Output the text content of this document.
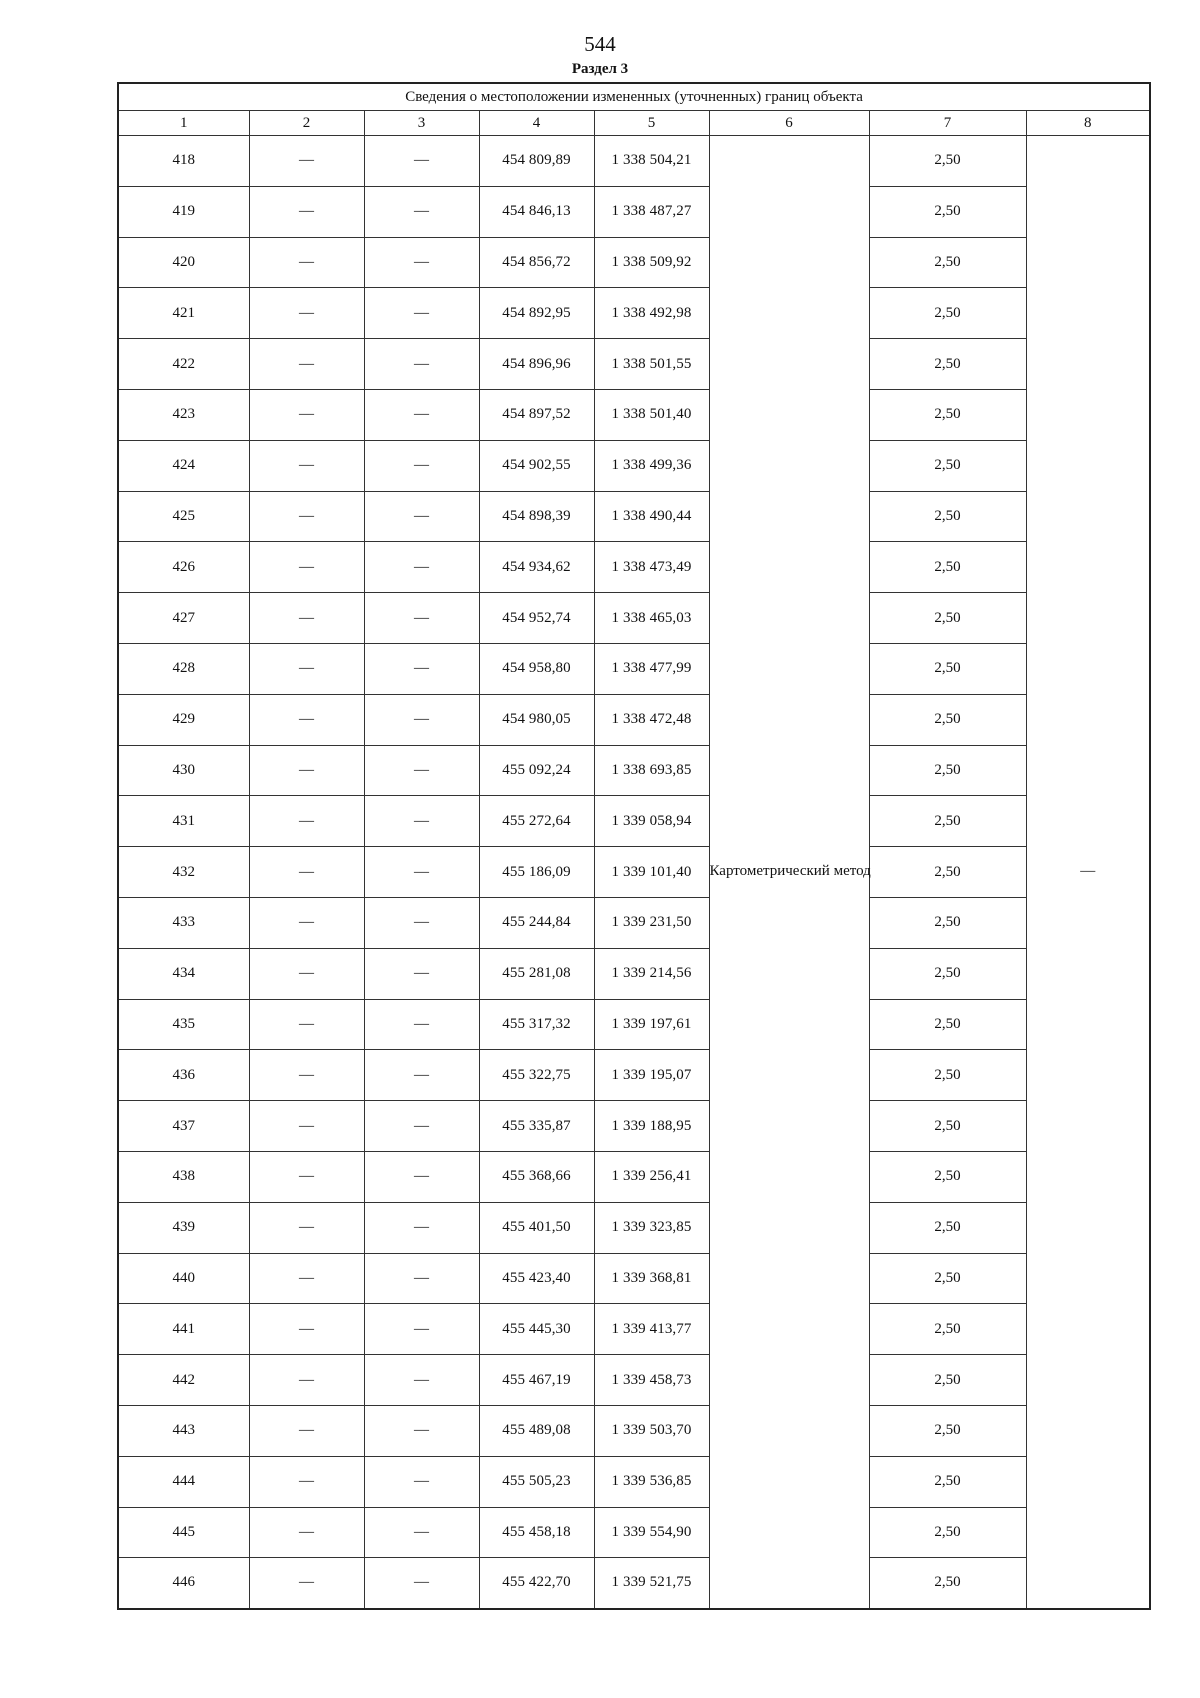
544
Раздел 3
Сведения о местоположении измененных (уточненных) границ объекта							
1	2	3	4	5	6	7	8
418	—	—	454 809,89	1 338 504,21	Картометрический метод	2,50	—
419	—	—	454 846,13	1 338 487,27		2,50	
420	—	—	454 856,72	1 338 509,92		2,50	
421	—	—	454 892,95	1 338 492,98		2,50	
422	—	—	454 896,96	1 338 501,55		2,50	
423	—	—	454 897,52	1 338 501,40		2,50	
424	—	—	454 902,55	1 338 499,36		2,50	
425	—	—	454 898,39	1 338 490,44		2,50	
426	—	—	454 934,62	1 338 473,49		2,50	
427	—	—	454 952,74	1 338 465,03		2,50	
428	—	—	454 958,80	1 338 477,99		2,50	
429	—	—	454 980,05	1 338 472,48		2,50	
430	—	—	455 092,24	1 338 693,85		2,50	
431	—	—	455 272,64	1 339 058,94		2,50	
432	—	—	455 186,09	1 339 101,40		2,50	
433	—	—	455 244,84	1 339 231,50		2,50	
434	—	—	455 281,08	1 339 214,56		2,50	
435	—	—	455 317,32	1 339 197,61		2,50	
436	—	—	455 322,75	1 339 195,07		2,50	
437	—	—	455 335,87	1 339 188,95		2,50	
438	—	—	455 368,66	1 339 256,41		2,50	
439	—	—	455 401,50	1 339 323,85		2,50	
440	—	—	455 423,40	1 339 368,81		2,50	
441	—	—	455 445,30	1 339 413,77		2,50	
442	—	—	455 467,19	1 339 458,73		2,50	
443	—	—	455 489,08	1 339 503,70		2,50	
444	—	—	455 505,23	1 339 536,85		2,50	
445	—	—	455 458,18	1 339 554,90		2,50	
446	—	—	455 422,70	1 339 521,75		2,50	
